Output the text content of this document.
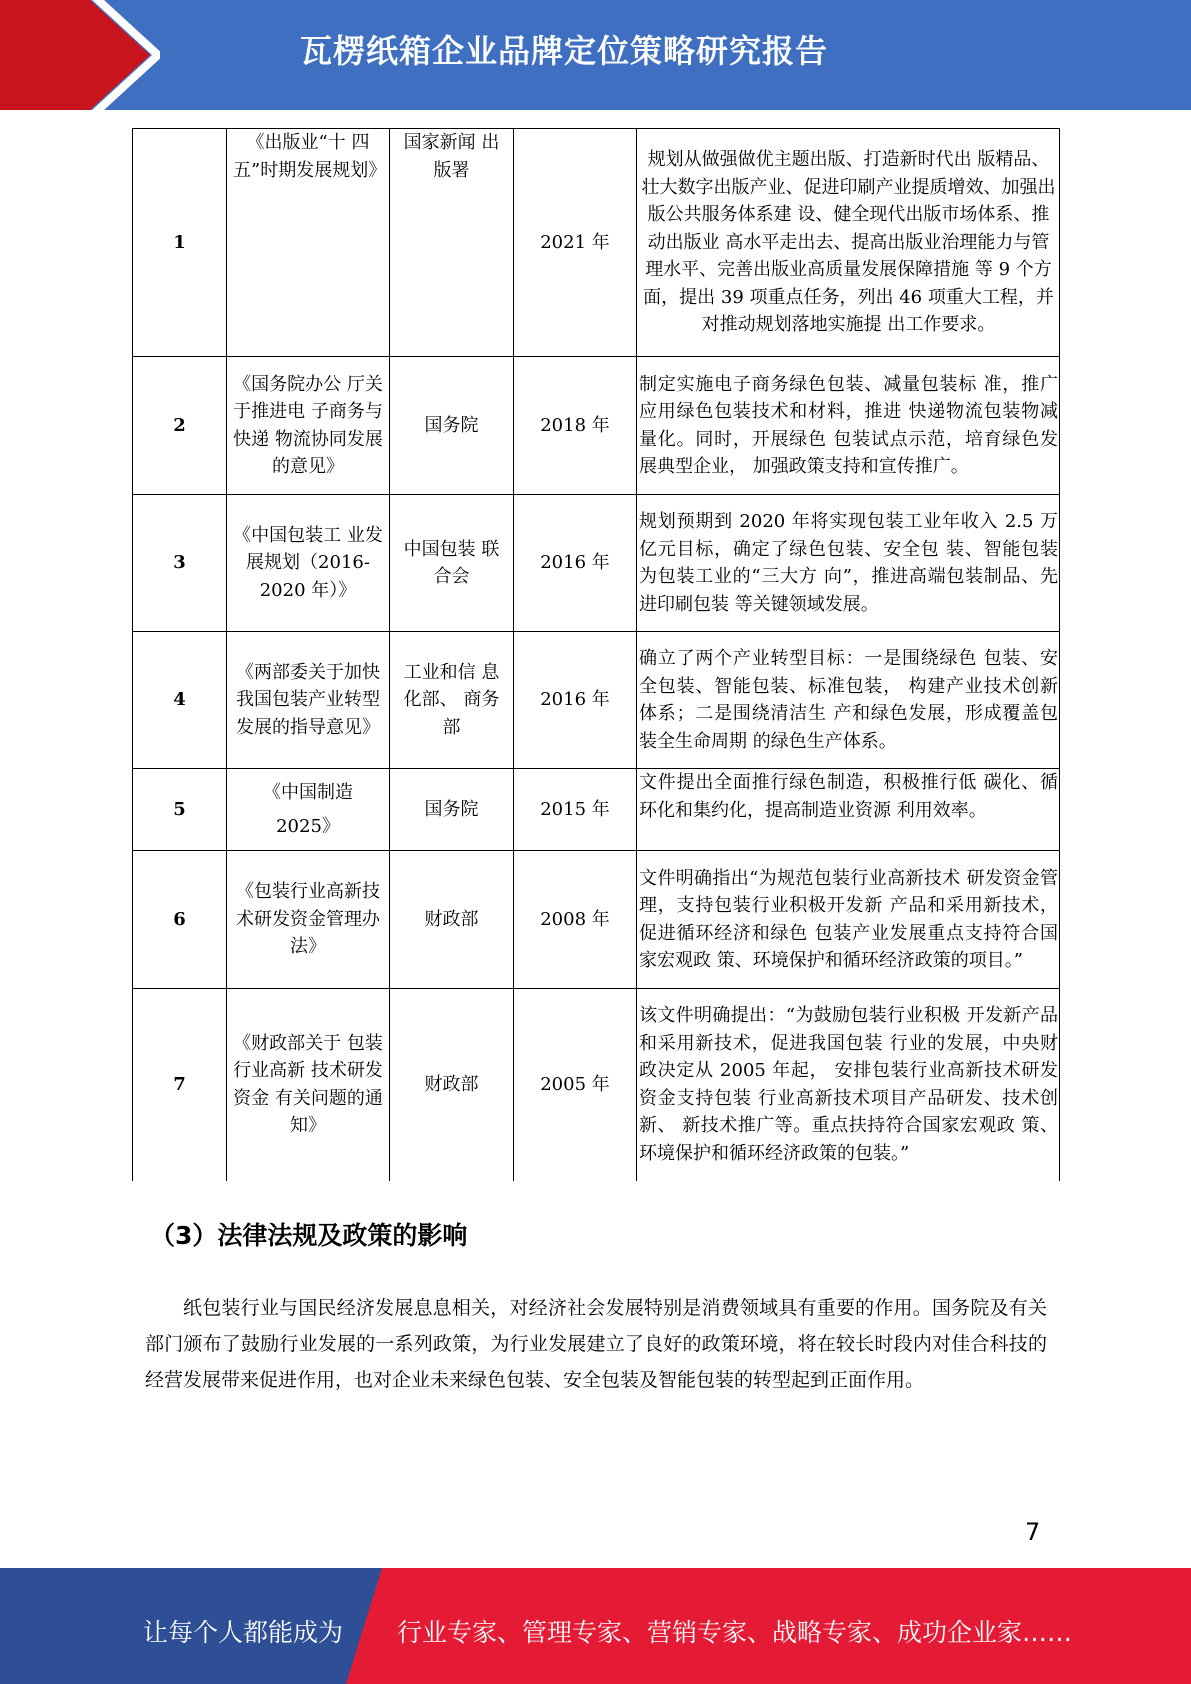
瓦楞纸箱企业品牌定位策略研究报告
1	《出版业“十 四五”时期发展规划》	国家新闻 出版署	2021 年	规划从做强做优主题出版、打造新时代出 版精品、壮大数字出版产业、促进印刷产业提质增效、加强出版公共服务体系建 设、健全现代出版市场体系、推动出版业 高水平走出去、提高出版业治理能力与管 理水平、完善出版业高质量发展保障措施 等 9 个方面，提出 39 项重点任务，列出 46 项重大工程，并对推动规划落地实施提 出工作要求。
2	《国务院办公 厅关于推进电 子商务与快递 物流协同发展 的意见》	国务院	2018 年	制定实施电子商务绿色包装、减量包装标 准，推广应用绿色包装技术和材料，推进 快递物流包装物减量化。同时，开展绿色 包装试点示范，培育绿色发展典型企业， 加强政策支持和宣传推广。
3	《中国包装工 业发展规划（2016-2020 年）》	中国包装 联合会	2016 年	规划预期到 2020 年将实现包装工业年收入 2.5 万亿元目标，确定了绿色包装、安全包 装、智能包装为包装工业的“三大方 向”，推进高端包装制品、先进印刷包装 等关键领域发展。
4	《两部委关于加快我国包装产业转型发展的指导意见》	工业和信 息化部、 商务部	2016 年	确立了两个产业转型目标：一是围绕绿色 包装、安全包装、智能包装、标准包装， 构建产业技术创新体系；二是围绕清洁生 产和绿色发展，形成覆盖包装全生命周期 的绿色生产体系。
5	《中国制造 2025》	国务院	2015 年	文件提出全面推行绿色制造，积极推行低 碳化、循环化和集约化，提高制造业资源 利用效率。
6	《包装行业高新技术研发资金管理办法》	财政部	2008 年	文件明确指出“为规范包装行业高新技术 研发资金管理，支持包装行业积极开发新 产品和采用新技术，促进循环经济和绿色 包装产业发展重点支持符合国家宏观政 策、环境保护和循环经济政策的项目。”
7	《财政部关于 包装行业高新 技术研发资金 有关问题的通 知》	财政部	2005 年	该文件明确提出：“为鼓励包装行业积极 开发新产品和采用新技术，促进我国包装 行业的发展，中央财政决定从 2005 年起， 安排包装行业高新技术研发资金支持包装 行业高新技术项目产品研发、技术创新、 新技术推广等。重点扶持符合国家宏观政 策、环境保护和循环经济政策的包装。”
（3）法律法规及政策的影响
纸包装行业与国民经济发展息息相关，对经济社会发展特别是消费领域具有重要的作用。国务院及有关部门颁布了鼓励行业发展的一系列政策，为行业发展建立了良好的政策环境，将在较长时段内对佳合科技的经营发展带来促进作用，也对企业未来绿色包装、安全包装及智能包装的转型起到正面作用。
7
让每个人都能成为 行业专家、管理专家、营销专家、战略专家、成功企业家……
